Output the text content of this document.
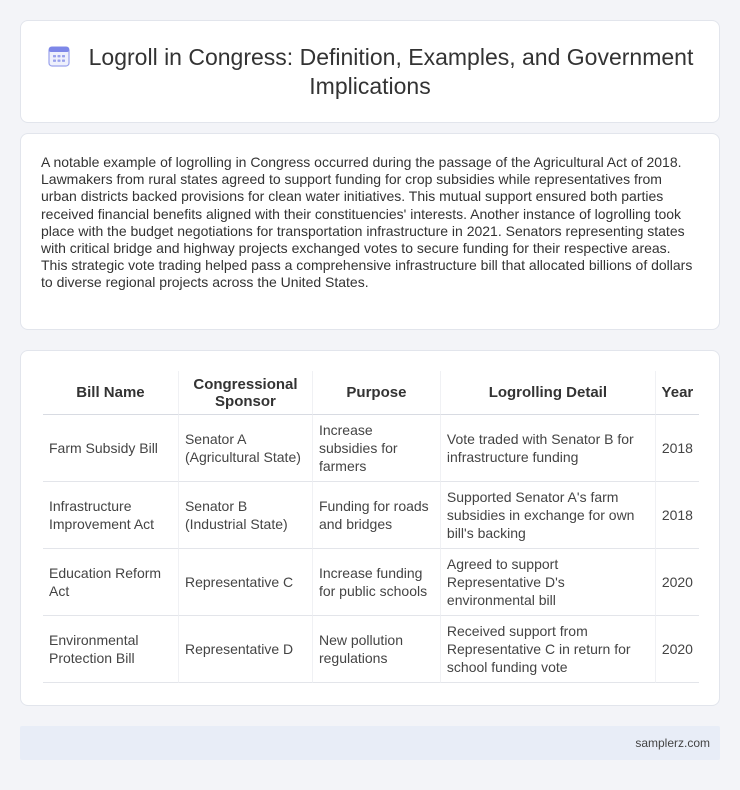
Logroll in Congress: Definition, Examples, and Government Implications

A notable example of logrolling in Congress occurred during the passage of the Agricultural Act of 2018. Lawmakers from rural states agreed to support funding for crop subsidies while representatives from urban districts backed provisions for clean water initiatives. This mutual support ensured both parties received financial benefits aligned with their constituencies' interests. Another instance of logrolling took place with the budget negotiations for transportation infrastructure in 2021. Senators representing states with critical bridge and highway projects exchanged votes to secure funding for their respective areas. This strategic vote trading helped pass a comprehensive infrastructure bill that allocated billions of dollars to diverse regional projects across the United States.

Bill Name	Congressional Sponsor	Purpose	Logrolling Detail	Year
Farm Subsidy Bill	Senator A (Agricultural State)	Increase subsidies for farmers	Vote traded with Senator B for infrastructure funding	2018
Infrastructure Improvement Act	Senator B (Industrial State)	Funding for roads and bridges	Supported Senator A's farm subsidies in exchange for own bill's backing	2018
Education Reform Act	Representative C	Increase funding for public schools	Agreed to support Representative D's environmental bill	2020
Environmental Protection Bill	Representative D	New pollution regulations	Received support from Representative C in return for school funding vote	2020
samplerz.com
